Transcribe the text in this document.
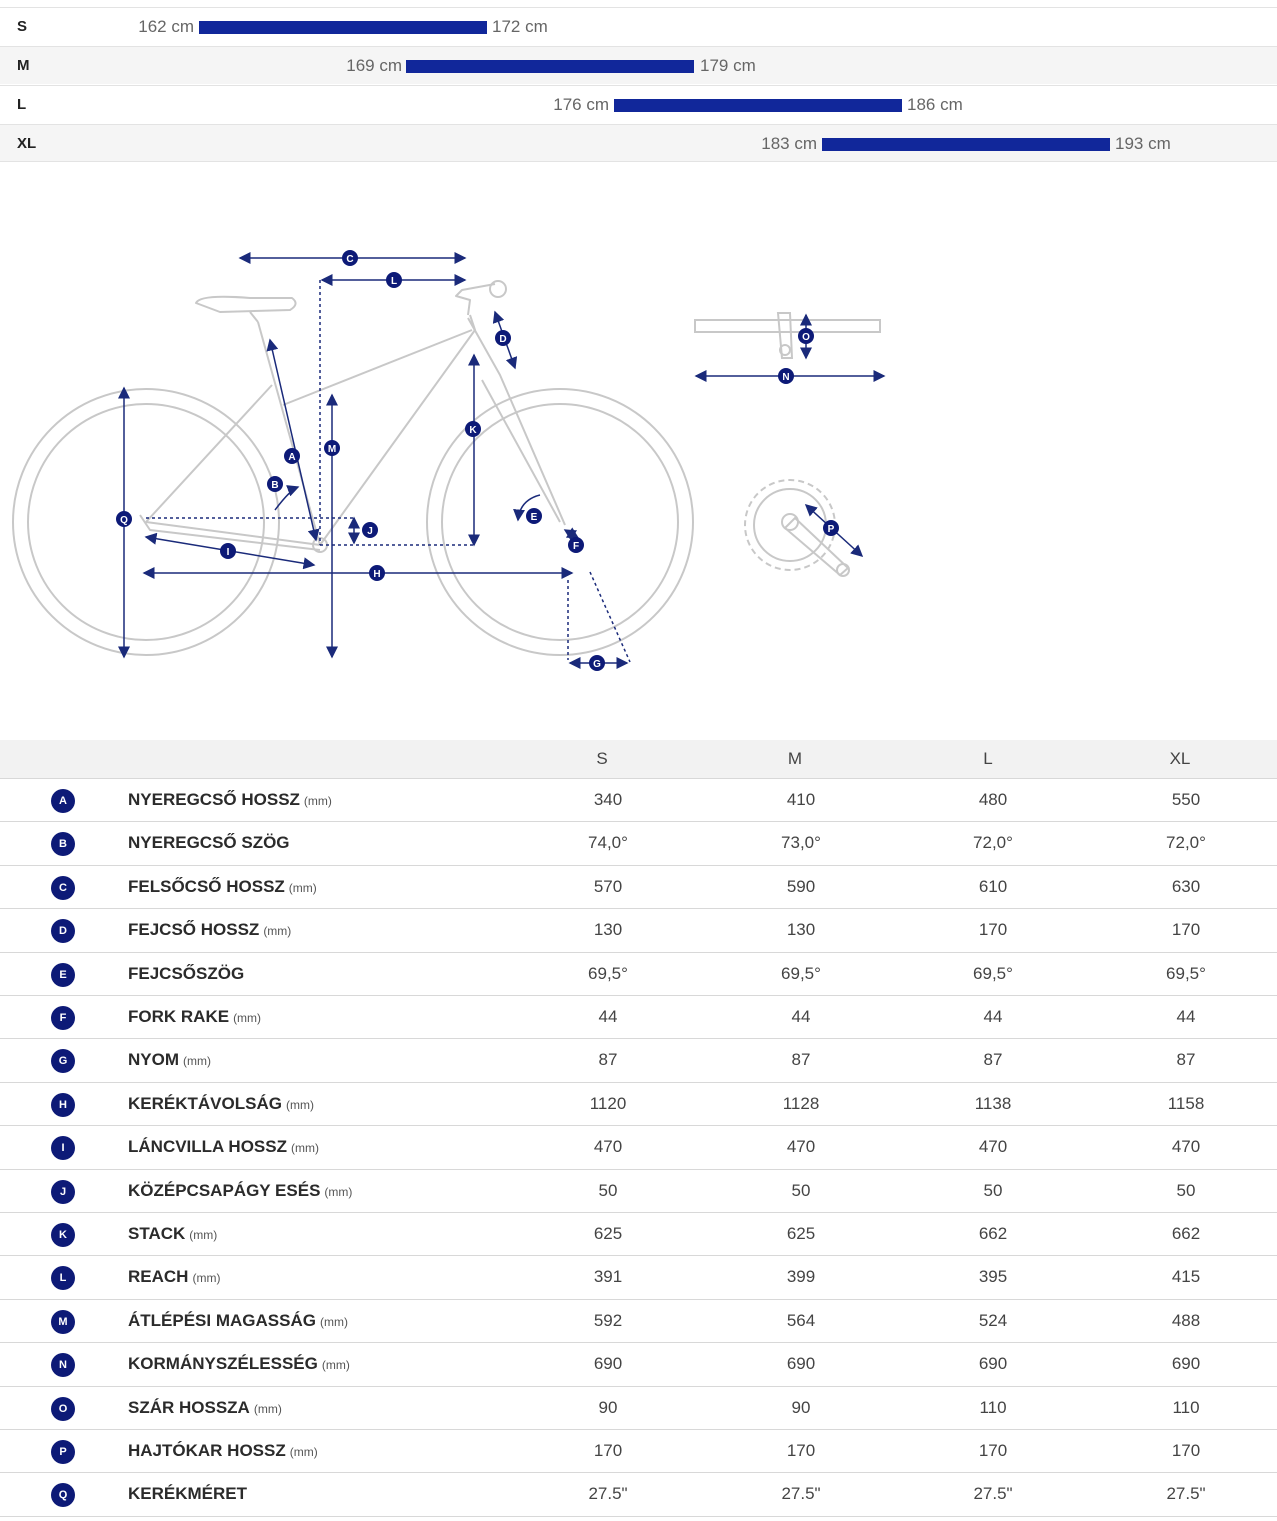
S	162 cm	172 cm
M	169 cm	179 cm
L	176 cm	186 cm
XL	183 cm	193 cm
C
L
D
M
K
A
B
Q
J
E
F
I
H
G
O
N
P
S	M	L	XL
A	NYEREGCSŐ HOSSZ (mm)	340	410	480	550
B	NYEREGCSŐ SZÖG	74,0°	73,0°	72,0°	72,0°
C	FELSŐCSŐ HOSSZ (mm)	570	590	610	630
D	FEJCSŐ HOSSZ (mm)	130	130	170	170
E	FEJCSŐSZÖG	69,5°	69,5°	69,5°	69,5°
F	FORK RAKE (mm)	44	44	44	44
G	NYOM (mm)	87	87	87	87
H	KERÉKTÁVOLSÁG (mm)	1120	1128	1138	1158
I	LÁNCVILLA HOSSZ (mm)	470	470	470	470
J	KÖZÉPCSAPÁGY ESÉS (mm)	50	50	50	50
K	STACK (mm)	625	625	662	662
L	REACH (mm)	391	399	395	415
M	ÁTLÉPÉSI MAGASSÁG (mm)	592	564	524	488
N	KORMÁNYSZÉLESSÉG (mm)	690	690	690	690
O	SZÁR HOSSZA (mm)	90	90	110	110
P	HAJTÓKAR HOSSZ (mm)	170	170	170	170
Q	KERÉKMÉRET	27.5"	27.5"	27.5"	27.5"
